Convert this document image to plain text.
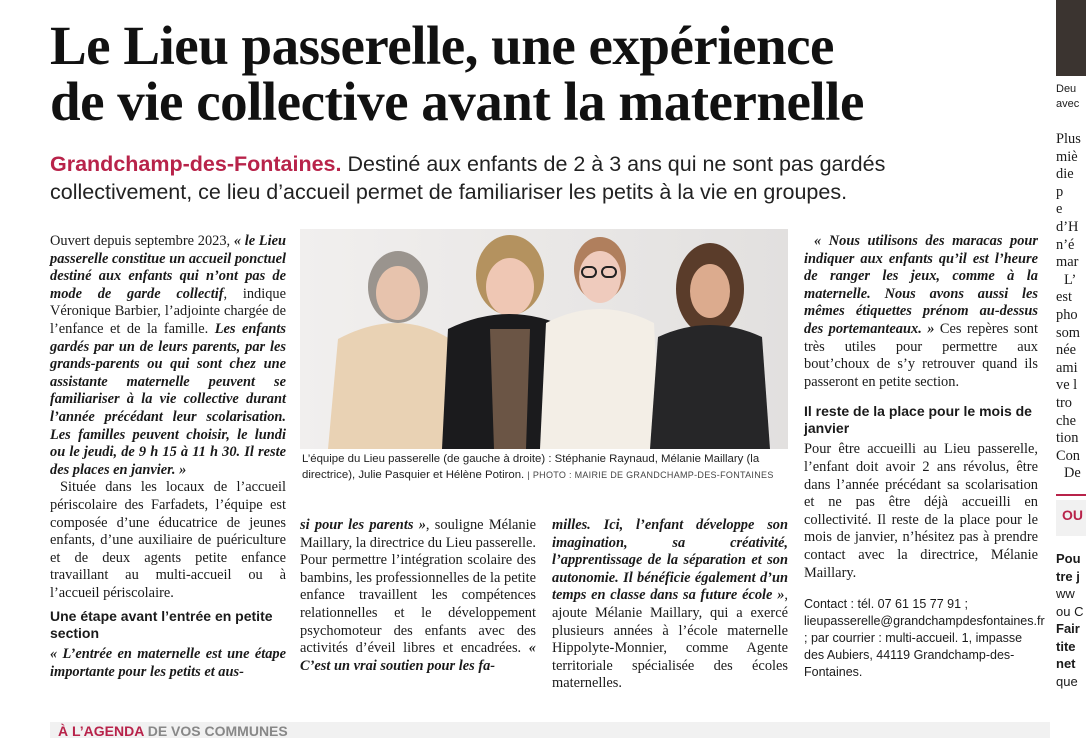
Le Lieu passerelle, une expérience
de vie collective avant la maternelle
Grandchamp-des-Fontaines. Destiné aux enfants de 2 à 3 ans qui ne sont pas gardés collectivement, ce lieu d’accueil permet de familiariser les petits à la vie en groupes.

Ouvert depuis septembre 2023, « le Lieu passerelle constitue un accueil ponctuel destiné aux enfants qui n’ont pas de mode de garde collectif, indique Véronique Barbier, l’adjointe chargée de l’enfance et de la famille. Les enfants gardés par un de leurs parents, par les grands-parents ou qui sont chez une assistante maternelle peuvent se familiariser à la vie collective durant l’année précédant leur scolarisation. Les familles peuvent choisir, le lundi ou le jeudi, de 9 h 15 à 11 h 30. Il reste des places en janvier. »

Située dans les locaux de l’accueil périscolaire des Farfadets, l’équipe est composée d’une éducatrice de jeunes enfants, d’une auxiliaire de puériculture et de deux agents petite enfance travaillant au multi-accueil ou à l’accueil périscolaire.

Une étape avant l’entrée en petite section

« L’entrée en maternelle est une étape importante pour les petits et aus-

L’équipe du Lieu passerelle (de gauche à droite) : Stéphanie Raynaud, Mélanie Maillary (la directrice), Julie Pasquier et Hélène Potiron. | PHOTO : MAIRIE DE GRANDCHAMP-DES-FONTAINES

si pour les parents », souligne Mélanie Maillary, la directrice du Lieu passerelle. Pour permettre l’intégration scolaire des bambins, les professionnelles de la petite enfance travaillent les compétences relationnelles et le développement psychomoteur des enfants avec des activités d’éveil libres et encadrées. « C’est un vrai soutien pour les fa-

milles. Ici, l’enfant développe son imagination, sa créativité, l’apprentissage de la séparation et son autonomie. Il bénéficie également d’un temps en classe dans sa future école », ajoute Mélanie Maillary, qui a exercé plusieurs années à l’école maternelle Hippolyte-Monnier, comme Agente territoriale spécialisée des écoles maternelles.

« Nous utilisons des maracas pour indiquer aux enfants qu’il est l’heure de ranger les jeux, comme à la maternelle. Nous avons aussi les mêmes étiquettes prénom au-dessus des portemanteaux. » Ces repères sont très utiles pour permettre aux bout’choux de s’y retrouver quand ils passeront en petite section.

Il reste de la place pour le mois de janvier

Pour être accueilli au Lieu passerelle, l’enfant doit avoir 2 ans révolus, être dans l’année précédant sa scolarisation et ne pas être déjà accueilli en collectivité. Il reste de la place pour le mois de janvier, n’hésitez pas à prendre contact avec la directrice, Mélanie Maillary.

Contact : tél. 07 61 15 77 91 ; lieupasserelle@grandchampdesfontaines.fr ; par courrier : multi-accueil. 1, impasse des Aubiers, 44119 Grandchamp-des-Fontaines.

Deu
avec
Plus
miè
die
p
e
d’H
n’é
mar
L’
est
pho
som
née
ami
ve l
tro
che
tion
Con
De
OU
Pou
tre j
ww
ou C
Fair
tite
net
que
À L’AGENDA DE VOS COMMUNES
